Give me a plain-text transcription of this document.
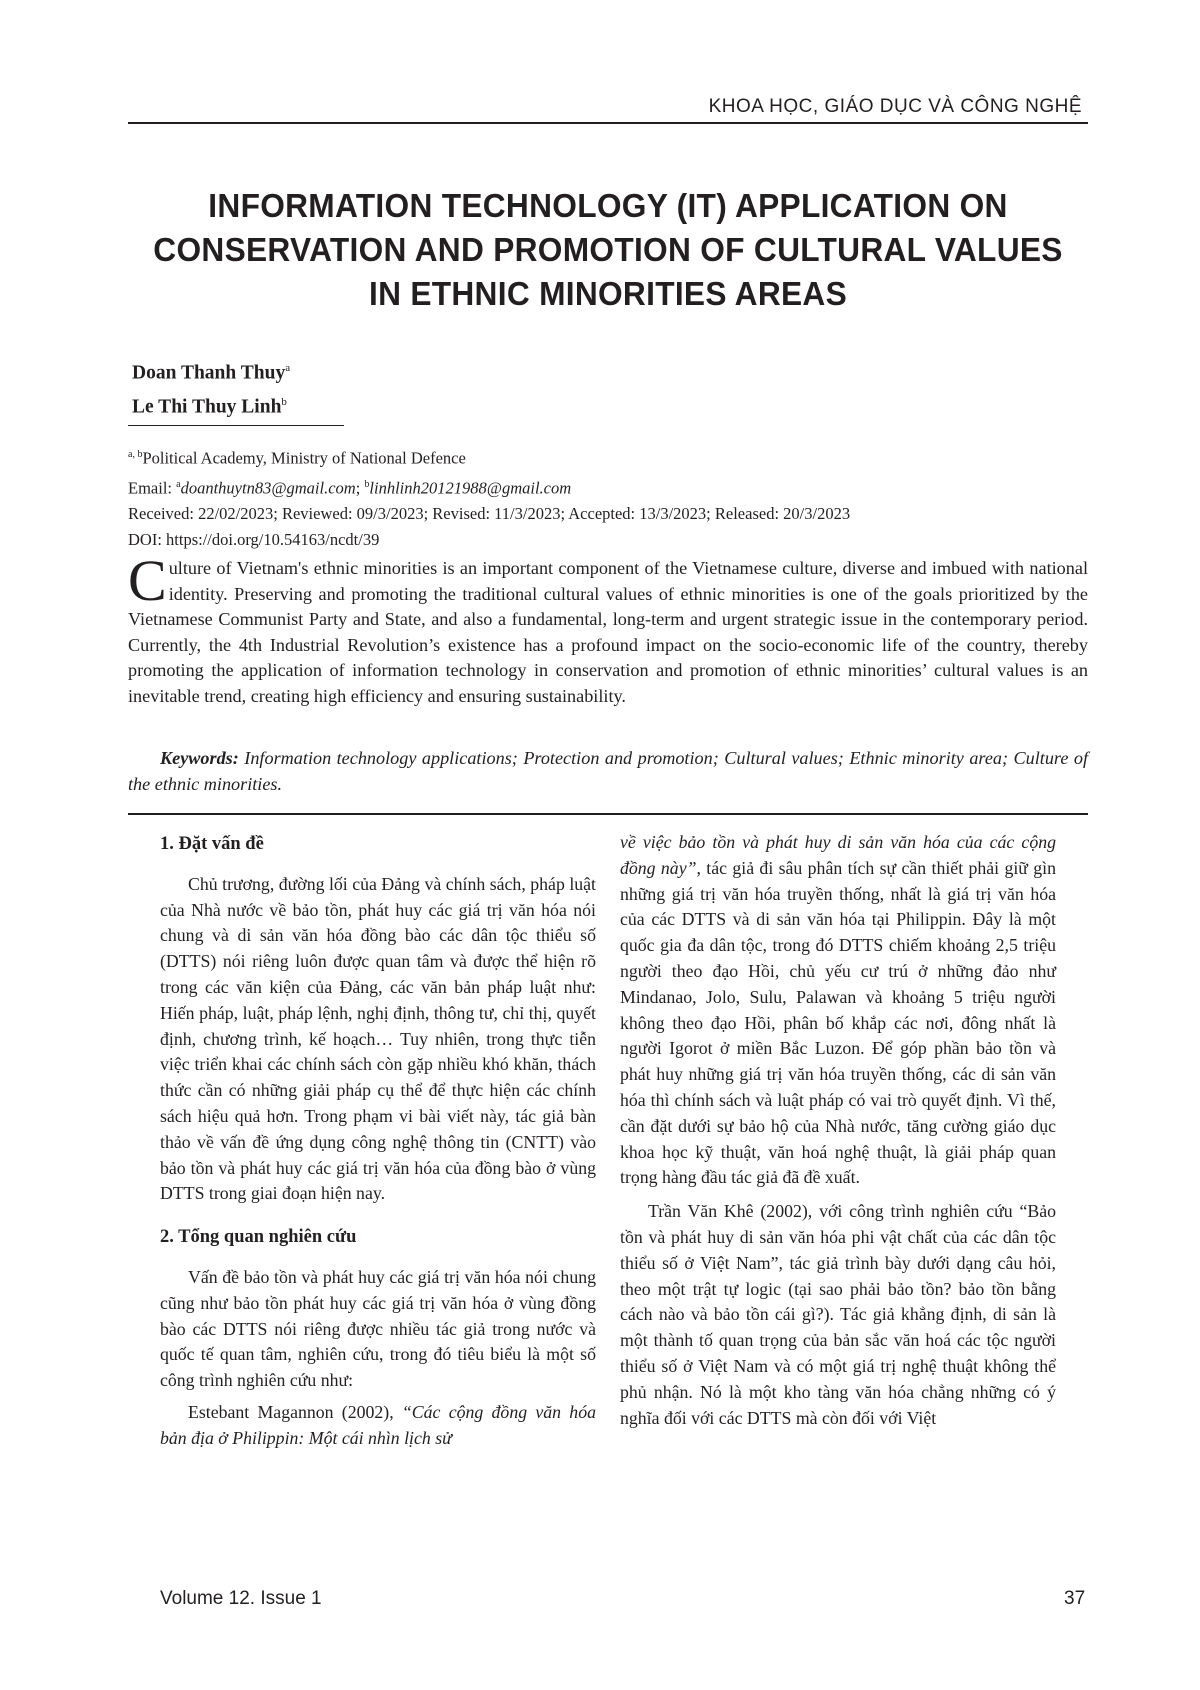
KHOA HỌC, GIÁO DỤC VÀ CÔNG NGHỆ
INFORMATION TECHNOLOGY (IT) APPLICATION ON
CONSERVATION AND PROMOTION OF CULTURAL VALUES
IN ETHNIC MINORITIES AREAS
Doan Thanh Thuy$^a$
Le Thi Thuy Linh$^b$
$^{a, b}$Political Academy, Ministry of National Defence
Email: $^a$doanthuytn83@gmail.com; $^b$linhlinh20121988@gmail.com
Received: 22/02/2023; Reviewed: 09/3/2023; Revised: 11/3/2023; Accepted: 13/3/2023; Released: 20/3/2023
DOI: https://doi.org/10.54163/ncdt/39
Culture of Vietnam's ethnic minorities is an important component of the Vietnamese culture, diverse and imbued with national identity. Preserving and promoting the traditional cultural values of ethnic minorities is one of the goals prioritized by the Vietnamese Communist Party and State, and also a fundamental, long-term and urgent strategic issue in the contemporary period. Currently, the 4th Industrial Revolution’s existence has a profound impact on the socio-economic life of the country, thereby promoting the application of information technology in conservation and promotion of ethnic minorities’ cultural values is an inevitable trend, creating high efficiency and ensuring sustainability.
Keywords: Information technology applications; Protection and promotion; Cultural values; Ethnic minority area; Culture of the ethnic minorities.
1. Đặt vấn đề

Chủ trương, đường lối của Đảng và chính sách, pháp luật của Nhà nước về bảo tồn, phát huy các giá trị văn hóa nói chung và di sản văn hóa đồng bào các dân tộc thiểu số (DTTS) nói riêng luôn được quan tâm và được thể hiện rõ trong các văn kiện của Đảng, các văn bản pháp luật như: Hiến pháp, luật, pháp lệnh, nghị định, thông tư, chỉ thị, quyết định, chương trình, kế hoạch… Tuy nhiên, trong thực tiễn việc triển khai các chính sách còn gặp nhiều khó khăn, thách thức cần có những giải pháp cụ thể để thực hiện các chính sách hiệu quả hơn. Trong phạm vi bài viết này, tác giả bàn thảo về vấn đề ứng dụng công nghệ thông tin (CNTT) vào bảo tồn và phát huy các giá trị văn hóa của đồng bào ở vùng DTTS trong giai đoạn hiện nay.

2. Tổng quan nghiên cứu

Vấn đề bảo tồn và phát huy các giá trị văn hóa nói chung cũng như bảo tồn phát huy các giá trị văn hóa ở vùng đồng bào các DTTS nói riêng được nhiều tác giả trong nước và quốc tế quan tâm, nghiên cứu, trong đó tiêu biểu là một số công trình nghiên cứu như:

Estebant Magannon (2002), “Các cộng đồng văn hóa bản địa ở Philippin: Một cái nhìn lịch sử

về việc bảo tồn và phát huy di sản văn hóa của các cộng đồng này”, tác giả đi sâu phân tích sự cần thiết phải giữ gìn những giá trị văn hóa truyền thống, nhất là giá trị văn hóa của các DTTS và di sản văn hóa tại Philippin. Đây là một quốc gia đa dân tộc, trong đó DTTS chiếm khoảng 2,5 triệu người theo đạo Hồi, chủ yếu cư trú ở những đảo như Mindanao, Jolo, Sulu, Palawan và khoảng 5 triệu người không theo đạo Hồi, phân bố khắp các nơi, đông nhất là người Igorot ở miền Bắc Luzon. Để góp phần bảo tồn và phát huy những giá trị văn hóa truyền thống, các di sản văn hóa thì chính sách và luật pháp có vai trò quyết định. Vì thế, cần đặt dưới sự bảo hộ của Nhà nước, tăng cường giáo dục khoa học kỹ thuật, văn hoá nghệ thuật, là giải pháp quan trọng hàng đầu tác giả đã đề xuất.

Trần Văn Khê (2002), với công trình nghiên cứu “Bảo tồn và phát huy di sản văn hóa phi vật chất của các dân tộc thiểu số ở Việt Nam”, tác giả trình bày dưới dạng câu hỏi, theo một trật tự logic (tại sao phải bảo tồn? bảo tồn bằng cách nào và bảo tồn cái gì?). Tác giả khẳng định, di sản là một thành tố quan trọng của bản sắc văn hoá các tộc người thiểu số ở Việt Nam và có một giá trị nghệ thuật không thể phủ nhận. Nó là một kho tàng văn hóa chẳng những có ý nghĩa đối với các DTTS mà còn đối với Việt

Volume 12. Issue 1	37
